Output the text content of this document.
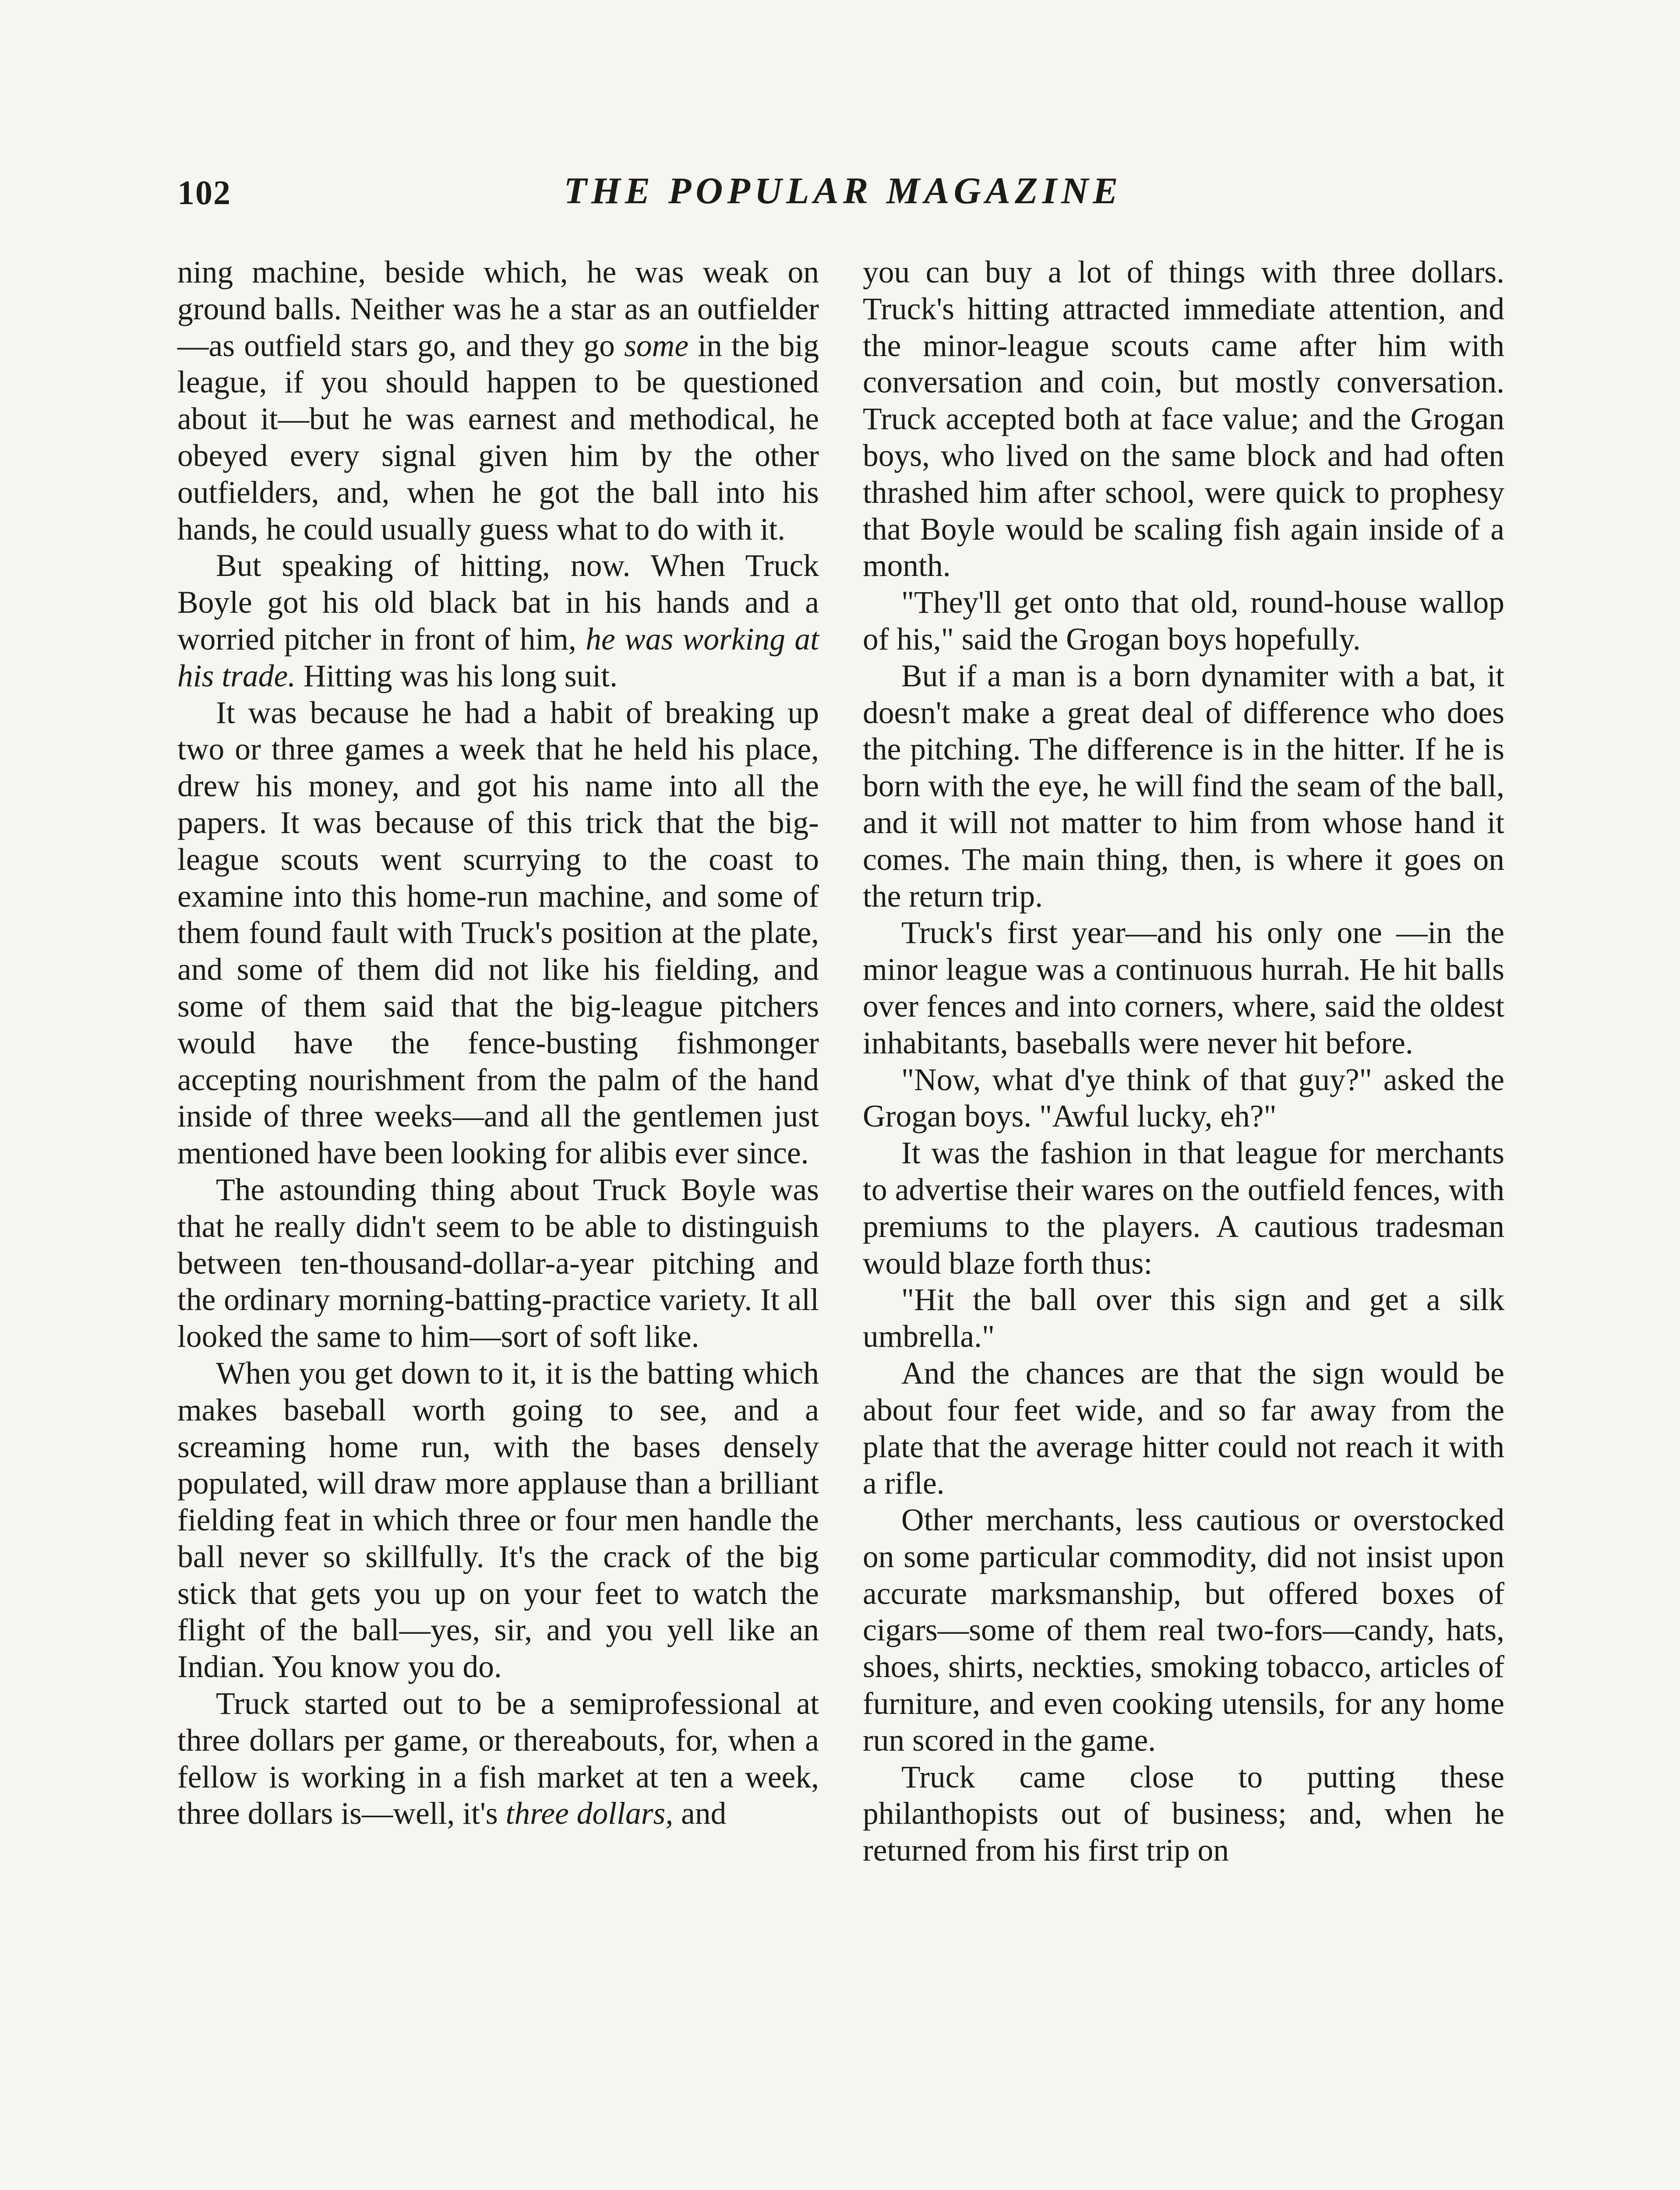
102	THE POPULAR MAGAZINE

ning machine, beside which, he was weak on ground balls. Neither was he a star as an outfielder—as outfield stars go, and they go some in the big league, if you should happen to be questioned about it—but he was earnest and methodical, he obeyed every signal given him by the other outfielders, and, when he got the ball into his hands, he could usually guess what to do with it.

But speaking of hitting, now. When Truck Boyle got his old black bat in his hands and a worried pitcher in front of him, he was working at his trade. Hitting was his long suit.

It was because he had a habit of breaking up two or three games a week that he held his place, drew his money, and got his name into all the papers. It was because of this trick that the big-league scouts went scurrying to the coast to examine into this home-run machine, and some of them found fault with Truck's position at the plate, and some of them did not like his fielding, and some of them said that the big-league pitchers would have the fence-busting fishmonger accepting nourishment from the palm of the hand inside of three weeks—and all the gentlemen just mentioned have been looking for alibis ever since.

The astounding thing about Truck Boyle was that he really didn't seem to be able to distinguish between ten-thousand-dollar-a-year pitching and the ordinary morning-batting-practice variety. It all looked the same to him—sort of soft like.

When you get down to it, it is the batting which makes baseball worth going to see, and a screaming home run, with the bases densely populated, will draw more applause than a brilliant fielding feat in which three or four men handle the ball never so skillfully. It's the crack of the big stick that gets you up on your feet to watch the flight of the ball—yes, sir, and you yell like an Indian. You know you do.

Truck started out to be a semiprofessional at three dollars per game, or thereabouts, for, when a fellow is working in a fish market at ten a week, three dollars is—well, it's three dollars, and

you can buy a lot of things with three dollars. Truck's hitting attracted immediate attention, and the minor-league scouts came after him with conversation and coin, but mostly conversation. Truck accepted both at face value; and the Grogan boys, who lived on the same block and had often thrashed him after school, were quick to prophesy that Boyle would be scaling fish again inside of a month.

"They'll get onto that old, round-house wallop of his," said the Grogan boys hopefully.

But if a man is a born dynamiter with a bat, it doesn't make a great deal of difference who does the pitching. The difference is in the hitter. If he is born with the eye, he will find the seam of the ball, and it will not matter to him from whose hand it comes. The main thing, then, is where it goes on the return trip.

Truck's first year—and his only one —in the minor league was a continuous hurrah. He hit balls over fences and into corners, where, said the oldest inhabitants, baseballs were never hit before.

"Now, what d'ye think of that guy?" asked the Grogan boys. "Awful lucky, eh?"

It was the fashion in that league for merchants to advertise their wares on the outfield fences, with premiums to the players. A cautious tradesman would blaze forth thus:

"Hit the ball over this sign and get a silk umbrella."

And the chances are that the sign would be about four feet wide, and so far away from the plate that the average hitter could not reach it with a rifle.

Other merchants, less cautious or overstocked on some particular commodity, did not insist upon accurate marksmanship, but offered boxes of cigars—some of them real two-fors—candy, hats, shoes, shirts, neckties, smoking tobacco, articles of furniture, and even cooking utensils, for any home run scored in the game.

Truck came close to putting these philanthopists out of business; and, when he returned from his first trip on
